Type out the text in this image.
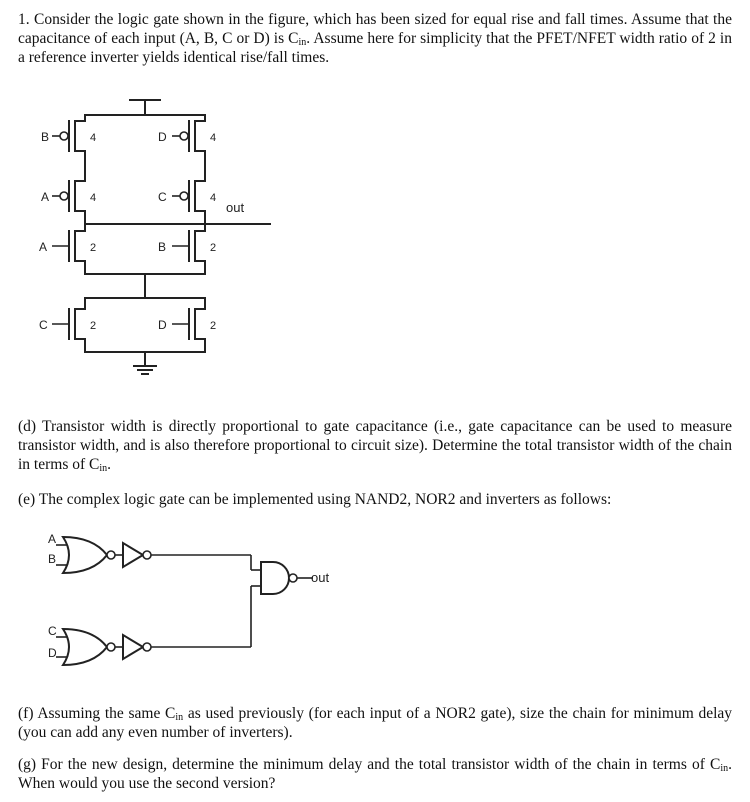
1. Consider the logic gate shown in the figure, which has been sized for equal rise and fall times. Assume that the capacitance of each input (A, B, C or D) is $C_{in}$. Assume here for simplicity that the PFET/NFET width ratio of 2 in a reference inverter yields identical rise/fall times.

B	4
A	4
D	4
C	4
out
A	2	B	2
C	2	D	2

(d) Transistor width is directly proportional to gate capacitance (i.e., gate capacitance can be used to measure transistor width, and is also therefore proportional to circuit size). Determine the total transistor width of the chain in terms of $C_{in}$.

(e) The complex logic gate can be implemented using NAND2, NOR2 and inverters as follows:

A
B
C
D
out

(f) Assuming the same $C_{in}$ as used previously (for each input of a NOR2 gate), size the chain for minimum delay (you can add any even number of inverters).

(g) For the new design, determine the minimum delay and the total transistor width of the chain in terms of $C_{in}$. When would you use the second version?
